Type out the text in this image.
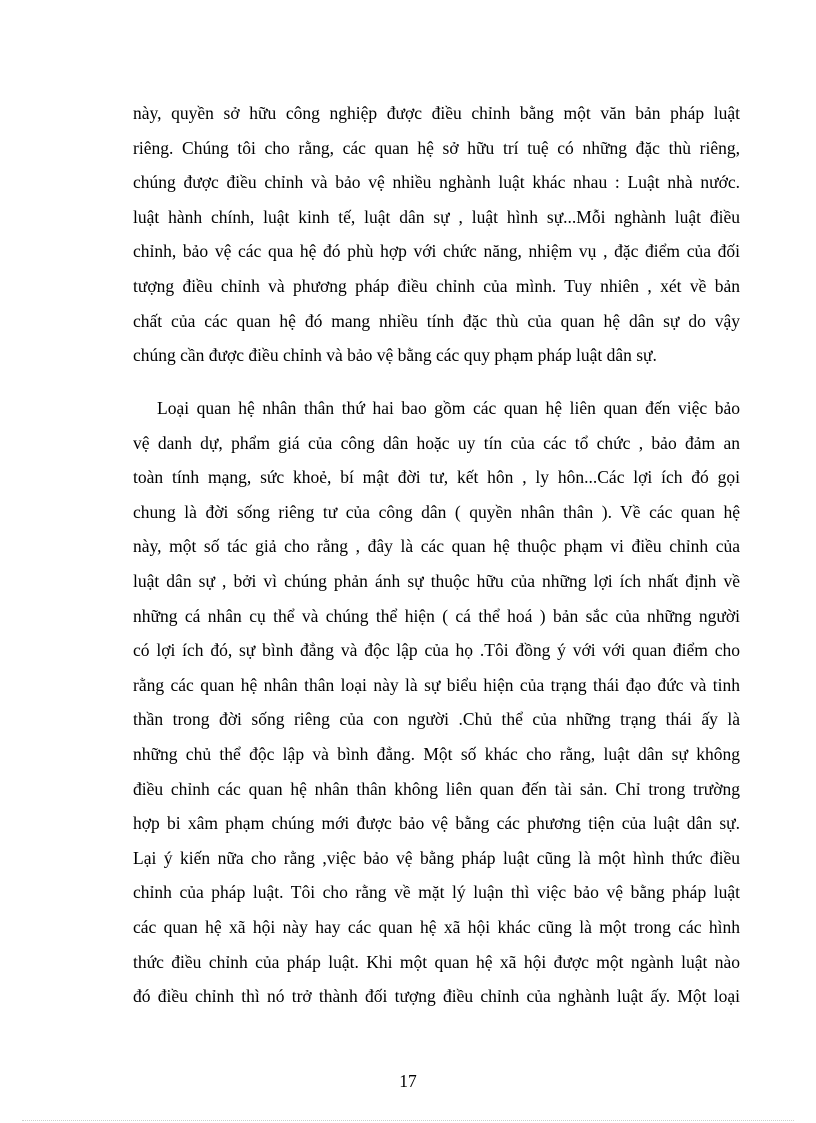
này, quyền sở hữu công nghiệp được điều chỉnh bằng một văn bản pháp luật
riêng. Chúng tôi cho rằng, các quan hệ sở hữu trí tuệ có những đặc thù riêng,
chúng được điều chỉnh và bảo vệ nhiều nghành luật khác nhau : Luật nhà nước.
luật hành chính, luật kinh tế, luật dân sự , luật hình sự...Mỗi nghành luật điều
chỉnh, bảo vệ các qua hệ đó phù hợp với chức năng, nhiệm vụ , đặc điểm của đối
tượng điều chỉnh và phương pháp điều chỉnh của mình. Tuy nhiên , xét về bản
chất của các quan hệ đó mang nhiều tính đặc thù của quan hệ dân sự do vậy
chúng cần được điều chỉnh và bảo vệ bằng các quy phạm pháp luật dân sự.
Loại quan hệ nhân thân thứ hai bao gồm các quan hệ liên quan đến việc bảo
vệ danh dự, phẩm giá của công dân hoặc uy tín của các tổ chức , bảo đảm an
toàn tính mạng, sức khoẻ, bí mật đời tư, kết hôn , ly hôn...Các lợi ích đó gọi
chung là đời sống riêng tư của công dân ( quyền nhân thân ). Về các quan hệ
này, một số tác giả cho rằng , đây là các quan hệ thuộc phạm vi điều chỉnh của
luật dân sự , bởi vì chúng phản ánh sự thuộc hữu của những lợi ích nhất định về
những cá nhân cụ thể và chúng thể hiện ( cá thể hoá ) bản sắc của những người
có lợi ích đó, sự bình đẳng và độc lập của họ .Tôi đồng ý với với quan điểm cho
rằng các quan hệ nhân thân loại này là sự biểu hiện của trạng thái đạo đức và tinh
thần trong đời sống riêng của con người .Chủ thể của những trạng thái ấy là
những chủ thể độc lập và bình đẳng. Một số khác cho rằng, luật dân sự không
điều chỉnh các quan hệ nhân thân không liên quan đến tài sản. Chỉ trong trường
hợp bi xâm phạm chúng mới được bảo vệ bằng các phương tiện của luật dân sự.
Lại ý kiến nữa cho rằng ,việc bảo vệ bằng pháp luật cũng là một hình thức điều
chỉnh của pháp luật. Tôi cho rằng về mặt lý luận thì việc bảo vệ bằng pháp luật
các quan hệ xã hội này hay các quan hệ xã hội khác cũng là một trong các hình
thức điều chỉnh của pháp luật. Khi một quan hệ xã hội được một ngành luật nào
đó điều chỉnh thì nó trở thành đối tượng điều chỉnh của nghành luật ấy. Một loại
17
